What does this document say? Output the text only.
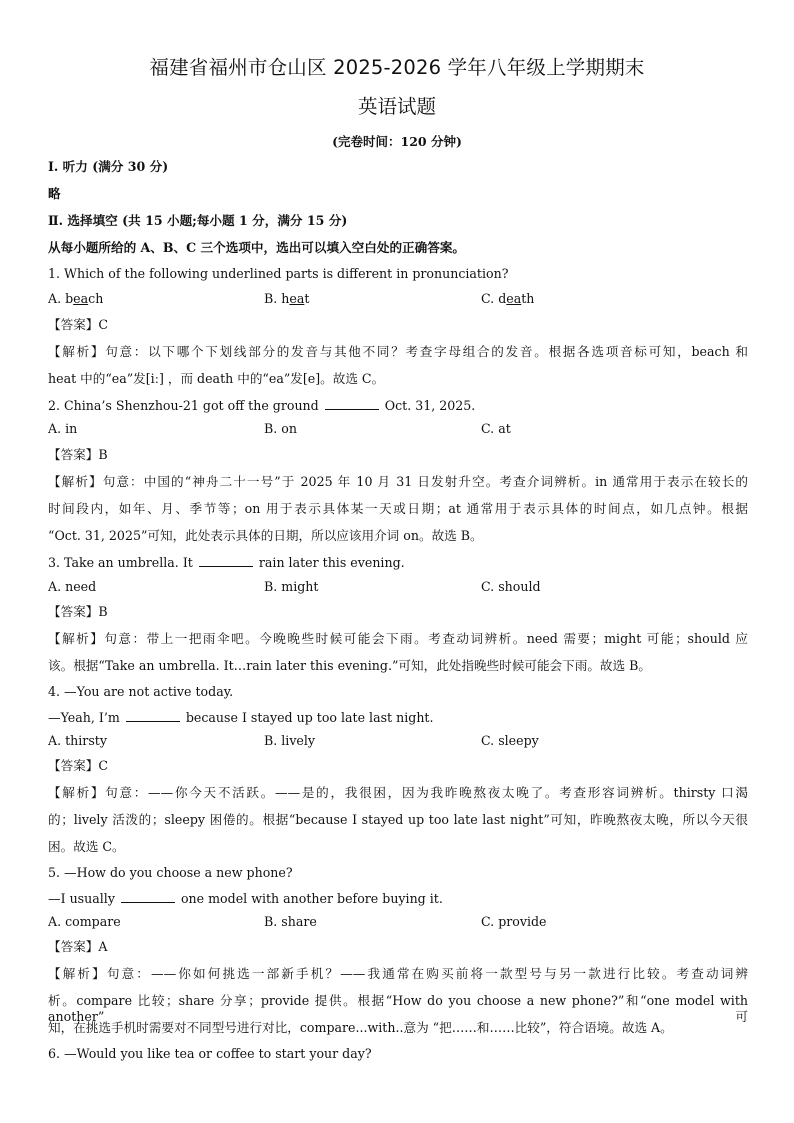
福建省福州市仓山区 2025-2026 学年八年级上学期期末
英语试题
(完卷时间：120 分钟)
I. 听力 (满分 30 分)
略
Ⅱ. 选择填空 (共 15 小题;每小题 1 分，满分 15 分)
从每小题所给的 A、B、C 三个选项中，选出可以填入空白处的正确答案。
1. Which of the following underlined parts is different in pronunciation?
A. beach	B. heat	C. death
【答案】C
【解析】句意：以下哪个下划线部分的发音与其他不同？考查字母组合的发音。根据各选项音标可知，beach 和
heat 中的“ea”发[iː] ，而 death 中的“ea”发[e]。故选 C。
2. China’s Shenzhou-21 got off the ground	Oct. 31, 2025.
A. in	B. on	C. at
【答案】B
【解析】句意：中国的“神舟二十一号”于 2025 年 10 月 31 日发射升空。考查介词辨析。in 通常用于表示在较长的
时间段内，如年、月、季节等；on 用于表示具体某一天或日期；at 通常用于表示具体的时间点，如几点钟。根据
“Oct. 31, 2025”可知，此处表示具体的日期，所以应该用介词 on。故选 B。
3. Take an umbrella. It	rain later this evening.
A. need	B. might	C. should
【答案】B
【解析】句意：带上一把雨伞吧。今晚晚些时候可能会下雨。考查动词辨析。need 需要；might 可能；should 应
该。根据“Take an umbrella. It…rain later this evening.”可知，此处指晚些时候可能会下雨。故选 B。
4. —You are not active today.
—Yeah, I’m	because I stayed up too late last night.
A. thirsty	B. lively	C. sleepy
【答案】C
【解析】句意：——你今天不活跃。——是的，我很困，因为我昨晚熬夜太晚了。考查形容词辨析。thirsty 口渴
的；lively 活泼的；sleepy 困倦的。根据“because I stayed up too late last night”可知，昨晚熬夜太晚，所以今天很
困。故选 C。
5. —How do you choose a new phone?
—I usually	one model with another before buying it.
A. compare	B. share	C. provide
【答案】A
【解析】句意：——你如何挑选一部新手机？——我通常在购买前将一款型号与另一款进行比较。考查动词辨
析。compare 比较；share 分享；provide 提供。根据“How do you choose a new phone?”和“one model with another”可
知，在挑选手机时需要对不同型号进行对比，compare...with..意为 “把……和……比较”，符合语境。故选 A。
6. —Would you like tea or coffee to start your day?
